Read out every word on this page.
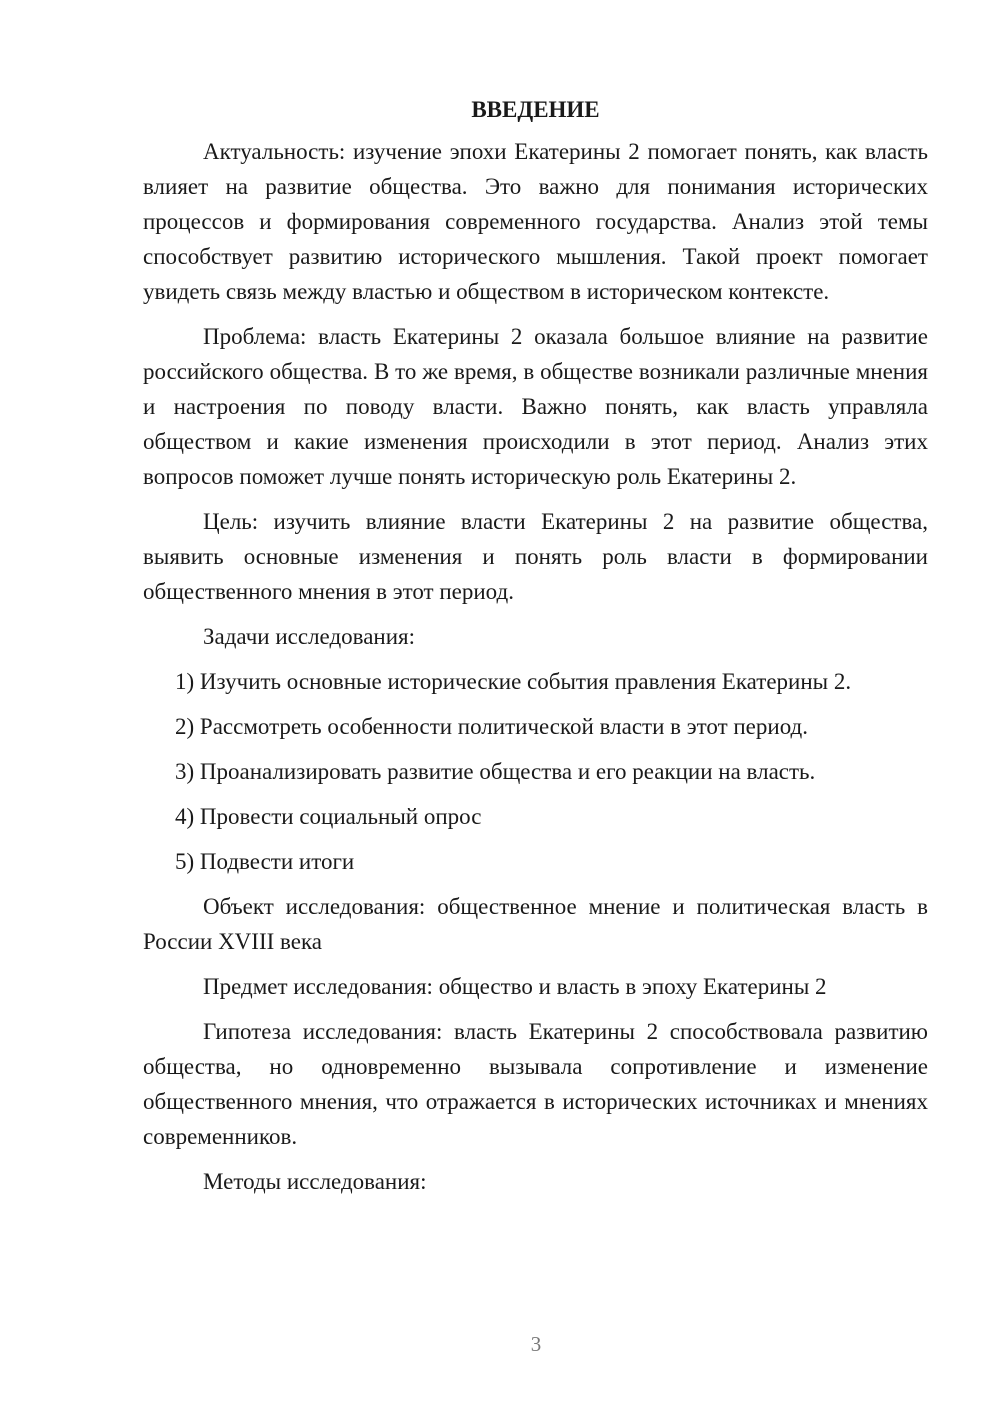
ВВЕДЕНИЕ

Актуальность: изучение эпохи Екатерины 2 помогает понять, как власть влияет на развитие общества. Это важно для понимания исторических процессов и формирования современного государства. Анализ этой темы способствует развитию исторического мышления. Такой проект помогает увидеть связь между властью и обществом в историческом контексте.

Проблема: власть Екатерины 2 оказала большое влияние на развитие российского общества. В то же время, в обществе возникали различные мнения и настроения по поводу власти. Важно понять, как власть управляла обществом и какие изменения происходили в этот период. Анализ этих вопросов поможет лучше понять историческую роль Екатерины 2.

Цель: изучить влияние власти Екатерины 2 на развитие общества, выявить основные изменения и понять роль власти в формировании общественного мнения в этот период.

Задачи исследования:

1) Изучить основные исторические события правления Екатерины 2.
2) Рассмотреть особенности политической власти в этот период.
3) Проанализировать развитие общества и его реакции на власть.
4) Провести социальный опрос
5) Подвести итоги

Объект исследования: общественное мнение и политическая власть в России XVIII века

Предмет исследования: общество и власть в эпоху Екатерины 2

Гипотеза исследования: власть Екатерины 2 способствовала развитию общества, но одновременно вызывала сопротивление и изменение общественного мнения, что отражается в исторических источниках и мнениях современников.

Методы исследования:

3
